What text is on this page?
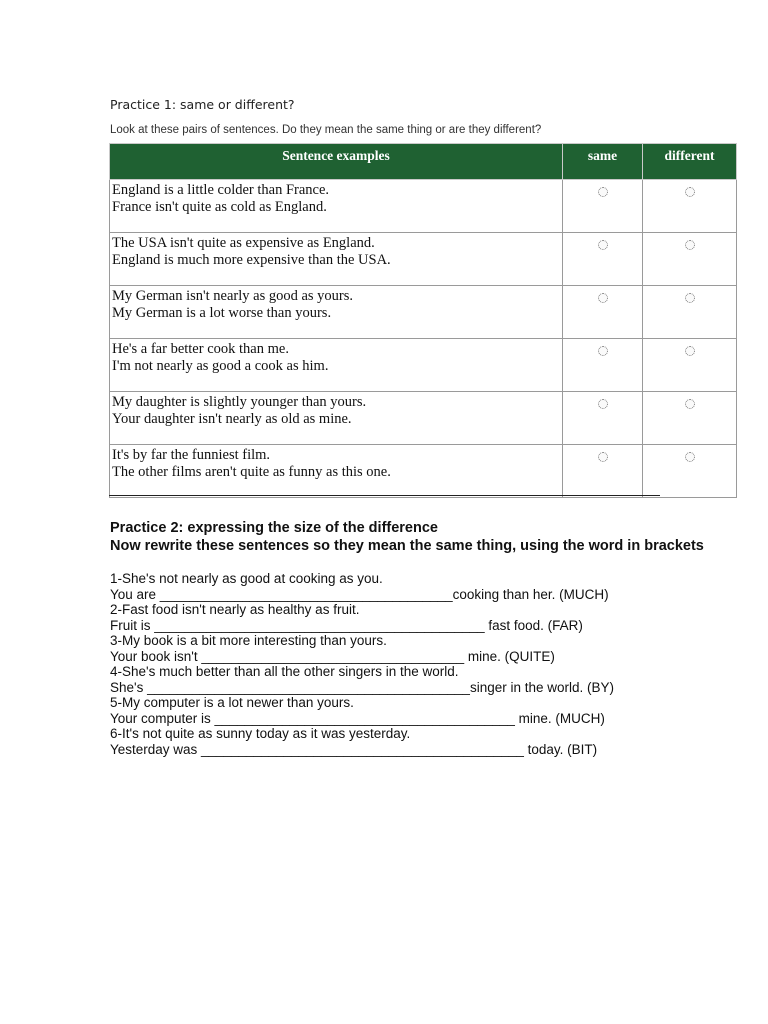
Practice 1: same or different?
Look at these pairs of sentences. Do they mean the same thing or are they different?
Sentence examples	same	different

England is a little colder than France.
France isn't quite as cold as England.		

The USA isn't quite as expensive as England.
England is much more expensive than the USA.		

My German isn't nearly as good as yours.
My German is a lot worse than yours.		

He's a far better cook than me.
I'm not nearly as good a cook as him.		

My daughter is slightly younger than yours.
Your daughter isn't nearly as old as mine.		

It's by far the funniest film.
The other films aren't quite as funny as this one.		

Practice 2: expressing the size of the difference
Now rewrite these sentences so they mean the same thing, using the word in brackets
1-She's not nearly as good at cooking as you.
You are _______________________________________cooking than her. (MUCH)
2-Fast food isn't nearly as healthy as fruit.
Fruit is ____________________________________________ fast food. (FAR)
3-My book is a bit more interesting than yours.
Your book isn't ___________________________________ mine. (QUITE)
4-She's much better than all the other singers in the world.
She's ___________________________________________singer in the world. (BY)
5-My computer is a lot newer than yours.
Your computer is ________________________________________ mine. (MUCH)
6-It's not quite as sunny today as it was yesterday.
Yesterday was ___________________________________________ today. (BIT)
